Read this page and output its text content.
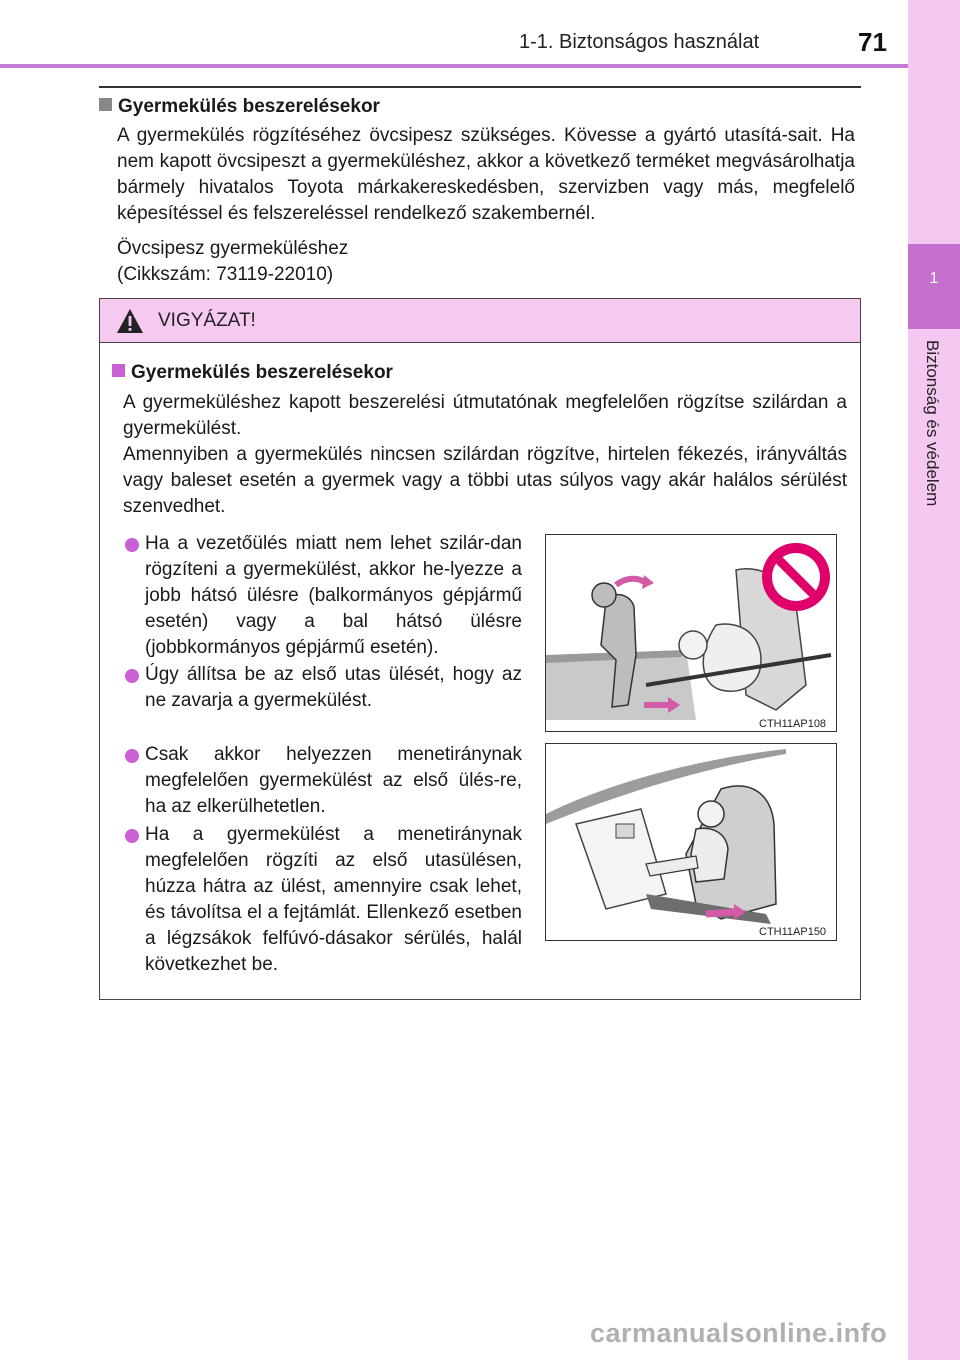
1-1. Biztonságos használat	71
1
Biztonság és védelem
Gyermekülés beszerelésekor
A gyermekülés rögzítéséhez övcsipesz szükséges. Kövesse a gyártó utasítá-sait. Ha nem kapott övcsipeszt a gyermeküléshez, akkor a következő terméket megvásárolhatja bármely hivatalos Toyota márkakereskedésben, szervizben vagy más, megfelelő képesítéssel és felszereléssel rendelkező szakembernél.
Övcsipesz gyermeküléshez
(Cikkszám: 73119-22010)
VIGYÁZAT!
Gyermekülés beszerelésekor
A gyermeküléshez kapott beszerelési útmutatónak megfelelően rögzítse szilárdan a gyermekülést.
Amennyiben a gyermekülés nincsen szilárdan rögzítve, hirtelen fékezés, irányváltás vagy baleset esetén a gyermek vagy a többi utas súlyos vagy akár halálos sérülést szenvedhet.
Ha a vezetőülés miatt nem lehet szilár-dan rögzíteni a gyermekülést, akkor he-lyezze a jobb hátsó ülésre (balkormányos gépjármű esetén) vagy a bal hátsó ülésre (jobbkormányos gépjármű esetén).
Úgy állítsa be az első utas ülését, hogy az ne zavarja a gyermekülést.
Csak akkor helyezzen menetiránynak megfelelően gyermekülést az első ülés-re, ha az elkerülhetetlen.
Ha a gyermekülést a menetiránynak megfelelően rögzíti az első utasülésen, húzza hátra az ülést, amennyire csak lehet, és távolítsa el a fejtámlát. Ellenkező esetben a légzsákok felfúvó-dásakor sérülés, halál következhet be.
CTH11AP108
CTH11AP150
carmanualsonline.info
